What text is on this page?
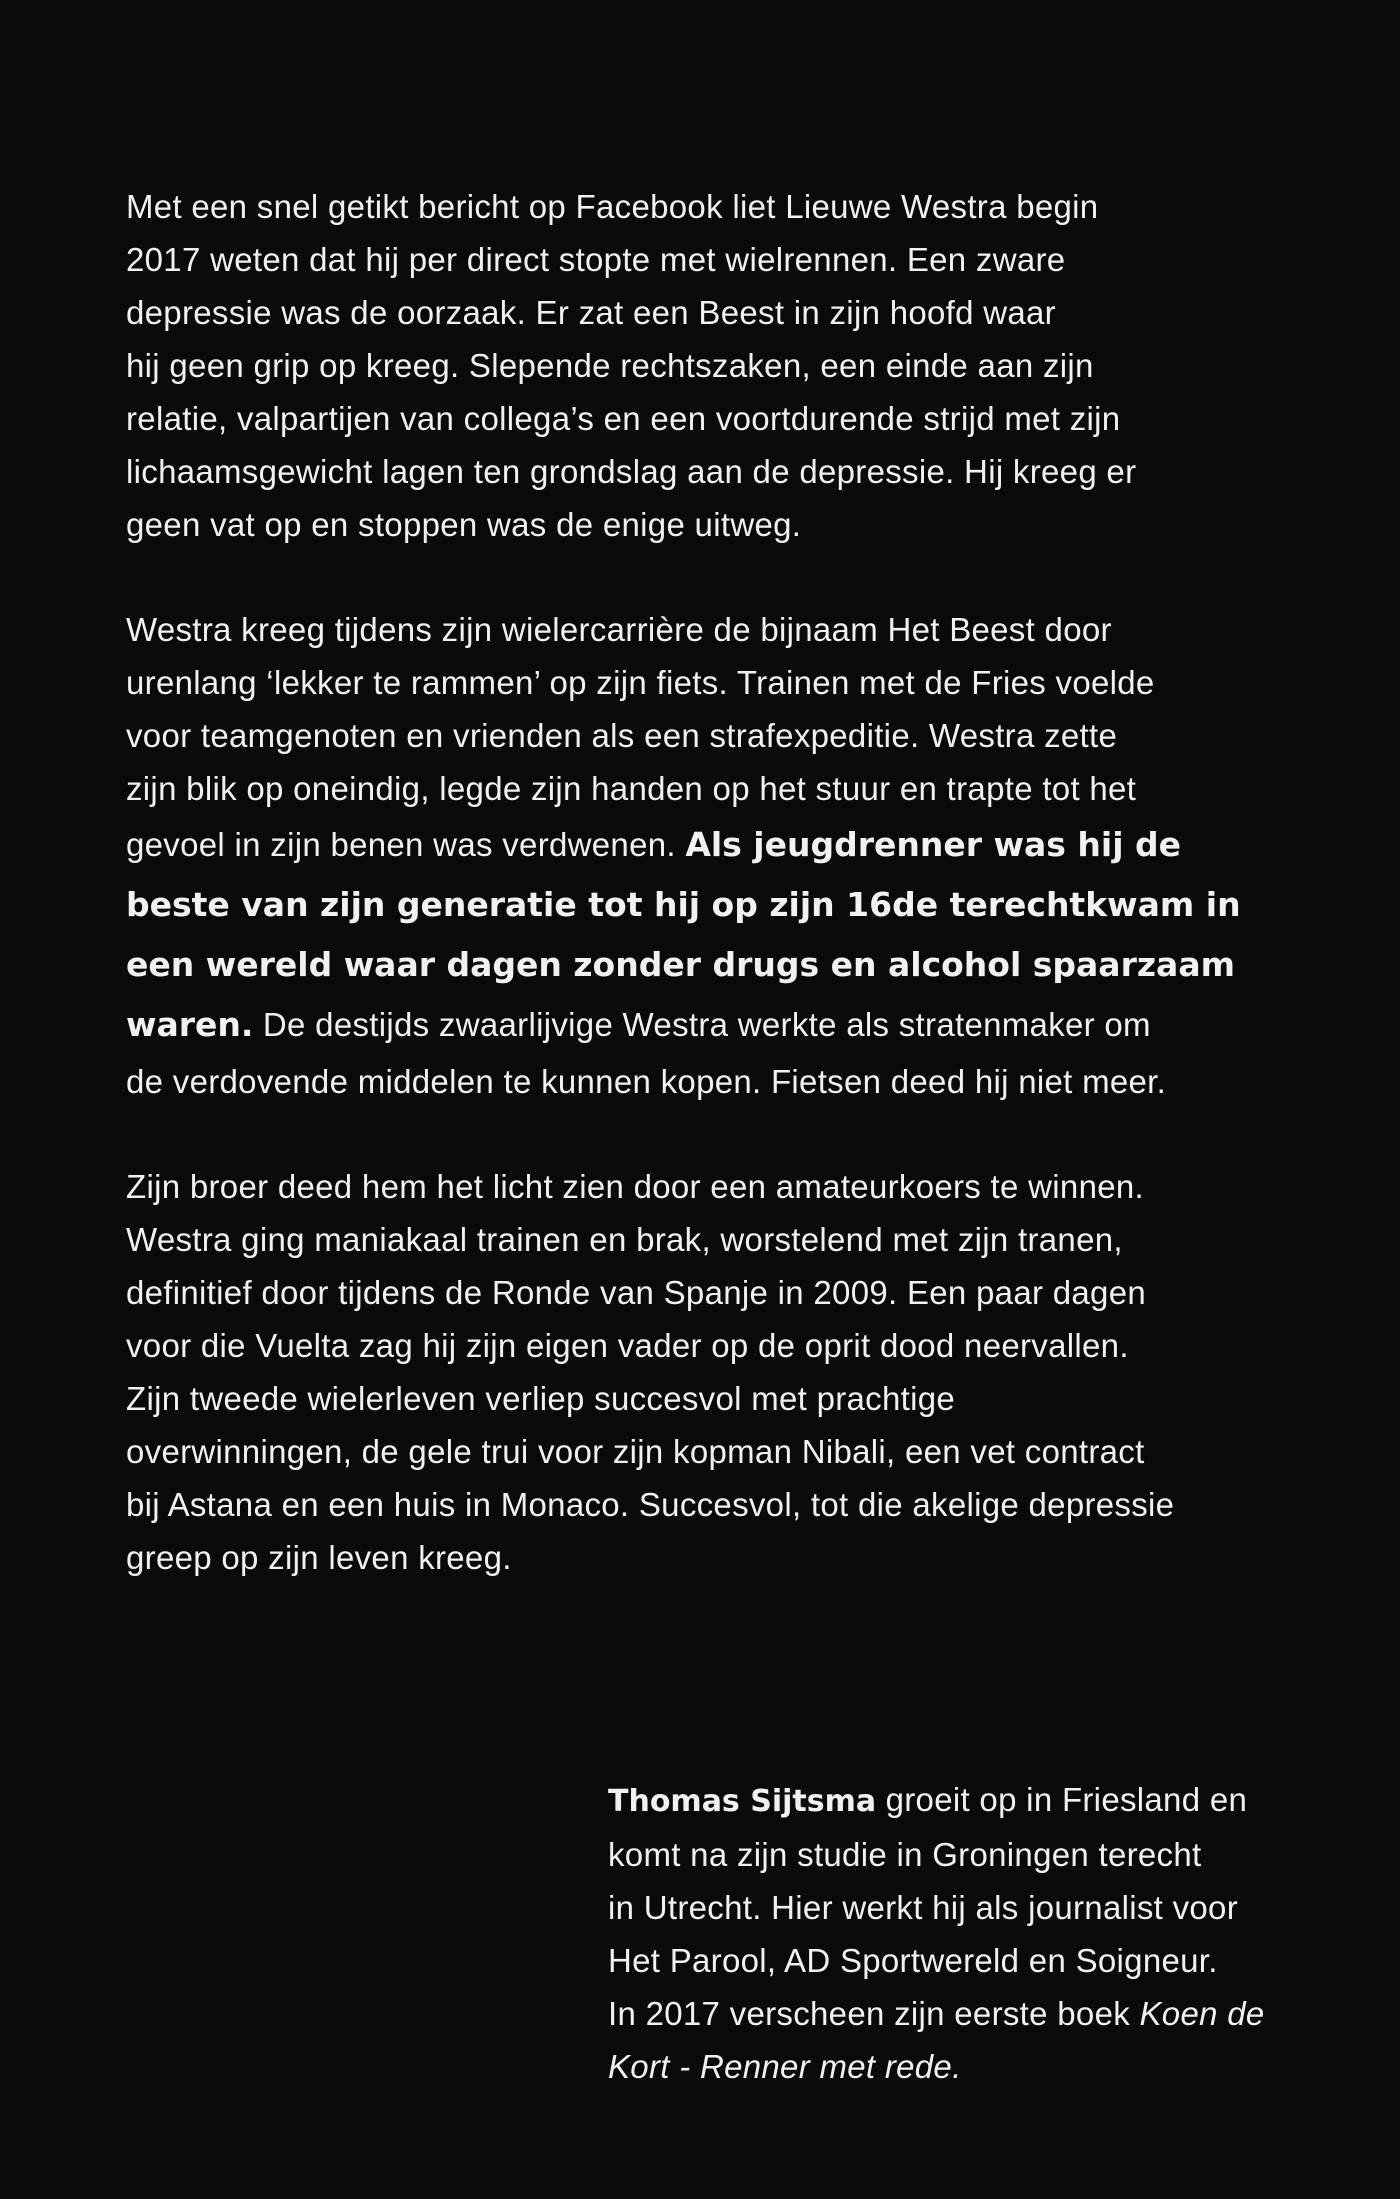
Met een snel getikt bericht op Facebook liet Lieuwe Westra begin
2017 weten dat hij per direct stopte met wielrennen. Een zware
depressie was de oorzaak. Er zat een Beest in zijn hoofd waar
hij geen grip op kreeg. Slepende rechtszaken, een einde aan zijn
relatie, valpartijen van collega’s en een voortdurende strijd met zijn
lichaamsgewicht lagen ten grondslag aan de depressie. Hij kreeg er
geen vat op en stoppen was de enige uitweg.

Westra kreeg tijdens zijn wielercarrière de bijnaam Het Beest door
urenlang ‘lekker te rammen’ op zijn fiets. Trainen met de Fries voelde
voor teamgenoten en vrienden als een strafexpeditie. Westra zette
zijn blik op oneindig, legde zijn handen op het stuur en trapte tot het
gevoel in zijn benen was verdwenen. Als jeugdrenner was hij de
beste van zijn generatie tot hij op zijn 16de terechtkwam in
een wereld waar dagen zonder drugs en alcohol spaarzaam
waren. De destijds zwaarlijvige Westra werkte als stratenmaker om
de verdovende middelen te kunnen kopen. Fietsen deed hij niet meer.

Zijn broer deed hem het licht zien door een amateurkoers te winnen.
Westra ging maniakaal trainen en brak, worstelend met zijn tranen,
definitief door tijdens de Ronde van Spanje in 2009. Een paar dagen
voor die Vuelta zag hij zijn eigen vader op de oprit dood neervallen.
Zijn tweede wielerleven verliep succesvol met prachtige
overwinningen, de gele trui voor zijn kopman Nibali, een vet contract
bij Astana en een huis in Monaco. Succesvol, tot die akelige depressie
greep op zijn leven kreeg.

Thomas Sijtsma groeit op in Friesland en
komt na zijn studie in Groningen terecht
in Utrecht. Hier werkt hij als journalist voor
Het Parool, AD Sportwereld en Soigneur.
In 2017 verscheen zijn eerste boek Koen de
Kort - Renner met rede.
